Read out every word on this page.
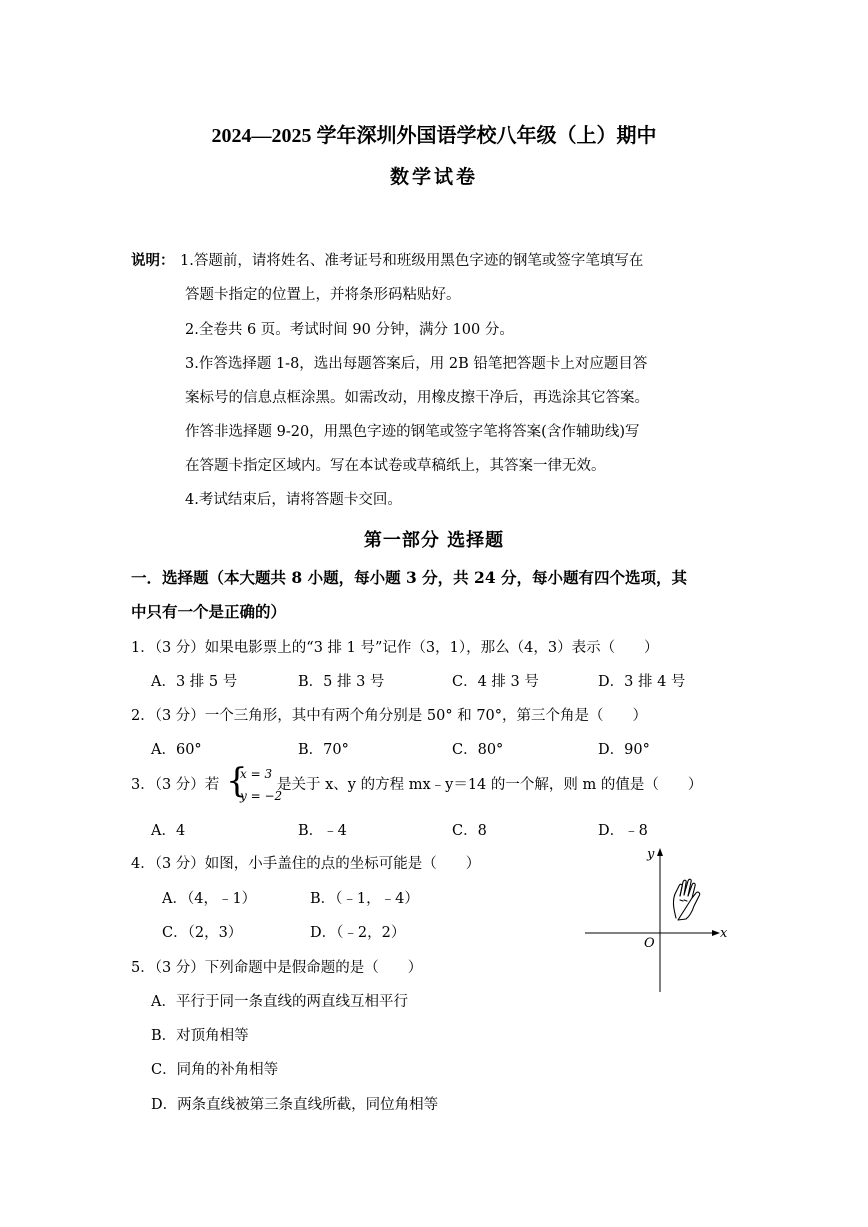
2024—2025 学年深圳外国语学校八年级（上）期中
数学试卷
说明： 1.答题前，请将姓名、准考证号和班级用黑色字迹的钢笔或签字笔填写在
答题卡指定的位置上，并将条形码粘贴好。
2.全卷共 6 页。考试时间 90 分钟，满分 100 分。
3.作答选择题 1-8，选出每题答案后，用 2B 铅笔把答题卡上对应题目答
案标号的信息点框涂黑。如需改动，用橡皮擦干净后，再选涂其它答案。
作答非选择题 9-20，用黑色字迹的钢笔或签字笔将答案(含作辅助线)写
在答题卡指定区域内。写在本试卷或草稿纸上，其答案一律无效。
4.考试结束后，请将答题卡交回。
第一部分 选择题
一．选择题（本大题共 8 小题，每小题 3 分，共 24 分，每小题有四个选项，其
中只有一个是正确的）
1．（3 分）如果电影票上的“3 排 1 号”记作（3，1），那么（4，3）表示（　　）
A．3 排 5 号	B．5 排 3 号	C．4 排 3 号	D．3 排 4 号
2．（3 分）一个三角形，其中有两个角分别是 50° 和 70°，第三个角是（　　）
A．60°	B．70°	C．80°	D．90°
3．（3 分）若 {
x = 3
y = −2
是关于 x、y 的方程 mx﹣y＝14 的一个解，则 m 的值是（　　）
A．4	B．﹣4	C．8	D．﹣8
4．（3 分）如图，小手盖住的点的坐标可能是（　　）
A．（4，﹣1）	B．（﹣1，﹣4）
C．（2，3）	D．（﹣2，2）
y
x
O
5．（3 分）下列命题中是假命题的是（　　）
A．平行于同一条直线的两直线互相平行
B．对顶角相等
C．同角的补角相等
D．两条直线被第三条直线所截，同位角相等
